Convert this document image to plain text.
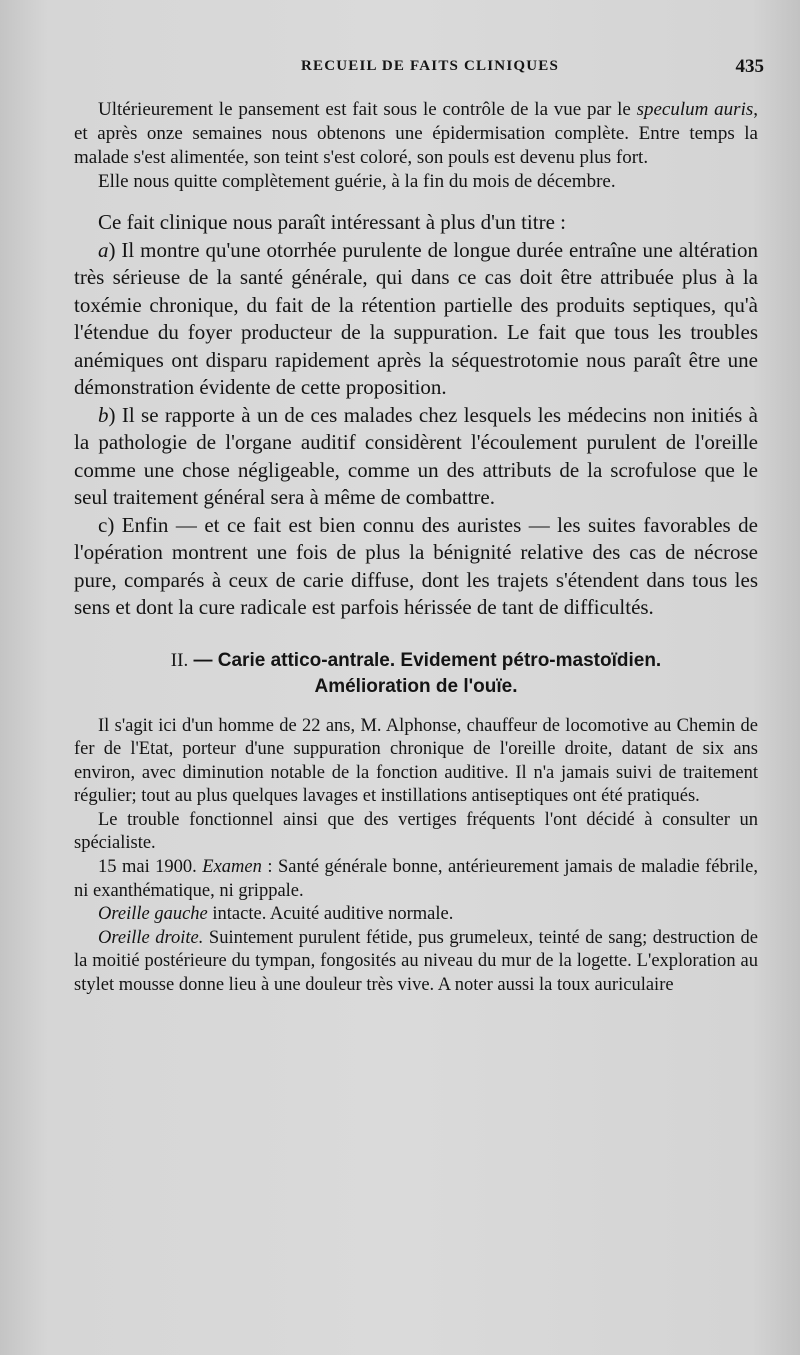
RECUEIL DE FAITS CLINIQUES	435

Ultérieurement le pansement est fait sous le contrôle de la vue par le speculum auris, et après onze semaines nous obtenons une épidermisation complète. Entre temps la malade s'est alimentée, son teint s'est coloré, son pouls est devenu plus fort.

Elle nous quitte complètement guérie, à la fin du mois de décembre.

Ce fait clinique nous paraît intéressant à plus d'un titre :

a) Il montre qu'une otorrhée purulente de longue durée entraîne une altération très sérieuse de la santé générale, qui dans ce cas doit être attribuée plus à la toxémie chronique, du fait de la rétention partielle des produits septiques, qu'à l'étendue du foyer producteur de la suppuration. Le fait que tous les troubles anémiques ont disparu rapidement après la séquestrotomie nous paraît être une démonstration évidente de cette proposition.

b) Il se rapporte à un de ces malades chez lesquels les médecins non initiés à la pathologie de l'organe auditif considèrent l'écoulement purulent de l'oreille comme une chose négligeable, comme un des attributs de la scrofulose que le seul traitement général sera à même de combattre.

c) Enfin — et ce fait est bien connu des auristes — les suites favorables de l'opération montrent une fois de plus la bénignité relative des cas de nécrose pure, comparés à ceux de carie diffuse, dont les trajets s'étendent dans tous les sens et dont la cure radicale est parfois hérissée de tant de difficultés.

II. — Carie attico-antrale. Evidement pétro-mastoïdien.
Amélioration de l'ouïe.

Il s'agit ici d'un homme de 22 ans, M. Alphonse, chauffeur de locomotive au Chemin de fer de l'Etat, porteur d'une suppuration chronique de l'oreille droite, datant de six ans environ, avec diminution notable de la fonction auditive. Il n'a jamais suivi de traitement régulier; tout au plus quelques lavages et instillations antiseptiques ont été pratiqués.

Le trouble fonctionnel ainsi que des vertiges fréquents l'ont décidé à consulter un spécialiste.

15 mai 1900. Examen : Santé générale bonne, antérieurement jamais de maladie fébrile, ni exanthématique, ni grippale.

Oreille gauche intacte. Acuité auditive normale.

Oreille droite. Suintement purulent fétide, pus grumeleux, teinté de sang; destruction de la moitié postérieure du tympan, fongosités au niveau du mur de la logette. L'exploration au stylet mousse donne lieu à une douleur très vive. A noter aussi la toux auriculaire
